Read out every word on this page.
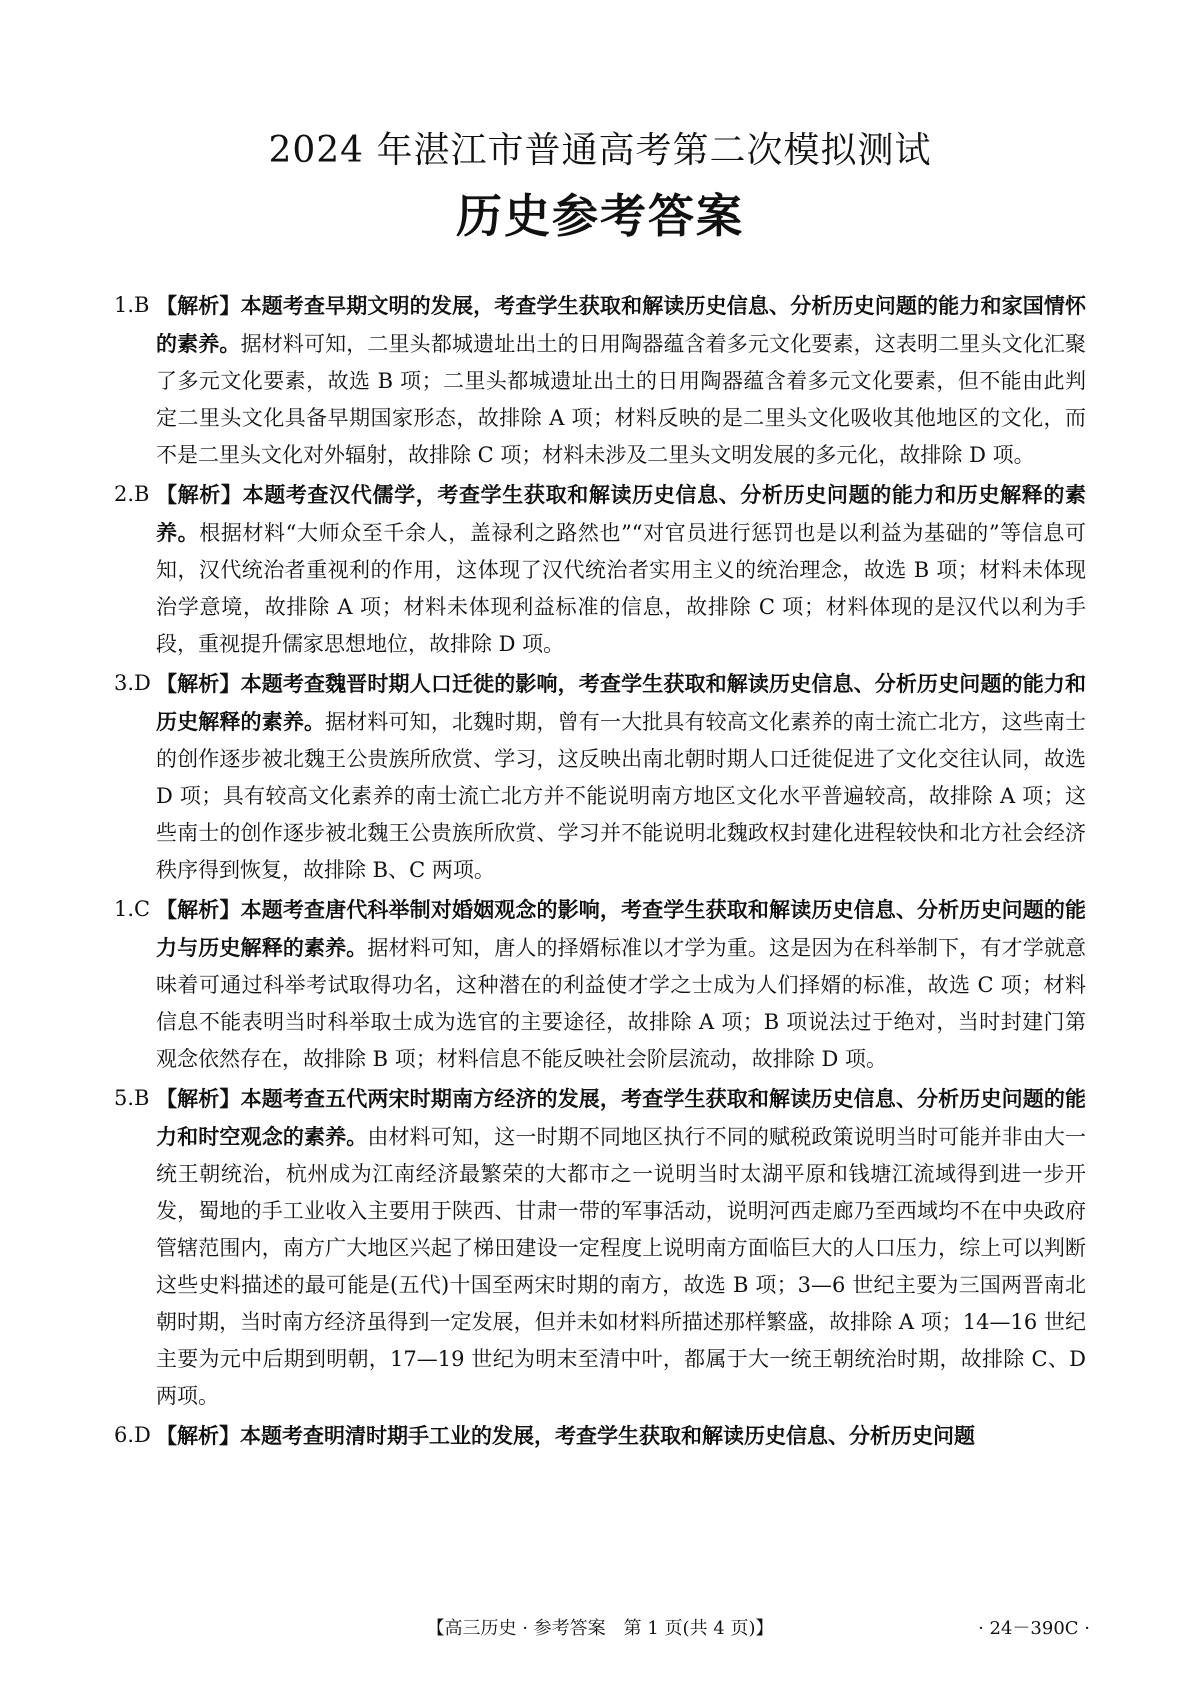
2024 年湛江市普通高考第二次模拟测试
历史参考答案

1.B 【解析】本题考查早期文明的发展，考查学生获取和解读历史信息、分析历史问题的能力和家国情怀的素养。据材料可知，二里头都城遗址出土的日用陶器蕴含着多元文化要素，这表明二里头文化汇聚了多元文化要素，故选 B 项；二里头都城遗址出土的日用陶器蕴含着多元文化要素，但不能由此判定二里头文化具备早期国家形态，故排除 A 项；材料反映的是二里头文化吸收其他地区的文化，而不是二里头文化对外辐射，故排除 C 项；材料未涉及二里头文明发展的多元化，故排除 D 项。

2.B 【解析】本题考查汉代儒学，考查学生获取和解读历史信息、分析历史问题的能力和历史解释的素养。根据材料“大师众至千余人，盖禄利之路然也”“对官员进行惩罚也是以利益为基础的”等信息可知，汉代统治者重视利的作用，这体现了汉代统治者实用主义的统治理念，故选 B 项；材料未体现治学意境，故排除 A 项；材料未体现利益标准的信息，故排除 C 项；材料体现的是汉代以利为手段，重视提升儒家思想地位，故排除 D 项。

3.D 【解析】本题考查魏晋时期人口迁徙的影响，考查学生获取和解读历史信息、分析历史问题的能力和历史解释的素养。据材料可知，北魏时期，曾有一大批具有较高文化素养的南士流亡北方，这些南士的创作逐步被北魏王公贵族所欣赏、学习，这反映出南北朝时期人口迁徙促进了文化交往认同，故选 D 项；具有较高文化素养的南士流亡北方并不能说明南方地区文化水平普遍较高，故排除 A 项；这些南士的创作逐步被北魏王公贵族所欣赏、学习并不能说明北魏政权封建化进程较快和北方社会经济秩序得到恢复，故排除 B、C 两项。

1.C 【解析】本题考查唐代科举制对婚姻观念的影响，考查学生获取和解读历史信息、分析历史问题的能力与历史解释的素养。据材料可知，唐人的择婿标准以才学为重。这是因为在科举制下，有才学就意味着可通过科举考试取得功名，这种潜在的利益使才学之士成为人们择婿的标准，故选 C 项；材料信息不能表明当时科举取士成为选官的主要途径，故排除 A 项；B 项说法过于绝对，当时封建门第观念依然存在，故排除 B 项；材料信息不能反映社会阶层流动，故排除 D 项。

5.B 【解析】本题考查五代两宋时期南方经济的发展，考查学生获取和解读历史信息、分析历史问题的能力和时空观念的素养。由材料可知，这一时期不同地区执行不同的赋税政策说明当时可能并非由大一统王朝统治，杭州成为江南经济最繁荣的大都市之一说明当时太湖平原和钱塘江流域得到进一步开发，蜀地的手工业收入主要用于陕西、甘肃一带的军事活动，说明河西走廊乃至西域均不在中央政府管辖范围内，南方广大地区兴起了梯田建设一定程度上说明南方面临巨大的人口压力，综上可以判断这些史料描述的最可能是(五代)十国至两宋时期的南方，故选 B 项；3—6 世纪主要为三国两晋南北朝时期，当时南方经济虽得到一定发展，但并未如材料所描述那样繁盛，故排除 A 项；14—16 世纪主要为元中后期到明朝，17—19 世纪为明末至清中叶，都属于大一统王朝统治时期，故排除 C、D 两项。

6.D 【解析】本题考查明清时期手工业的发展，考查学生获取和解读历史信息、分析历史问题

【高三历史 · 参考答案　第 1 页(共 4 页)】	· 24－390C ·
